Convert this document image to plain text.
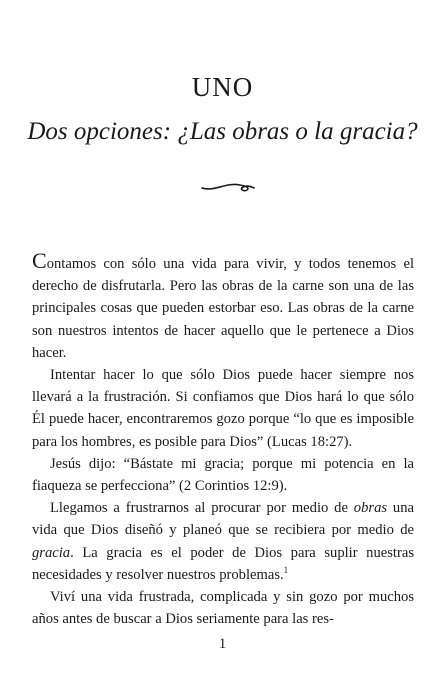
UNO
Dos opciones: ¿Las obras o la gracia?

Contamos con sólo una vida para vivir, y todos tenemos el derecho de disfrutarla. Pero las obras de la carne son una de las principales cosas que pueden estorbar eso. Las obras de la carne son nuestros intentos de hacer aquello que le pertenece a Dios hacer.

Intentar hacer lo que sólo Dios puede hacer siempre nos llevará a la frustración. Si confiamos que Dios hará lo que sólo Él puede hacer, encontraremos gozo porque “lo que es imposible para los hombres, es posible para Dios” (Lucas 18:27).

Jesús dijo: “Bástate mi gracia; porque mi potencia en la fiaqueza se perfecciona” (2 Corintios 12:9).

Llegamos a frustrarnos al procurar por medio de obras una vida que Dios diseñó y planeó que se recibiera por medio de gracia. La gracia es el poder de Dios para suplir nuestras necesidades y resolver nuestros problemas.$^1$

Viví una vida frustrada, complicada y sin gozo por muchos años antes de buscar a Dios seriamente para las res-

1
